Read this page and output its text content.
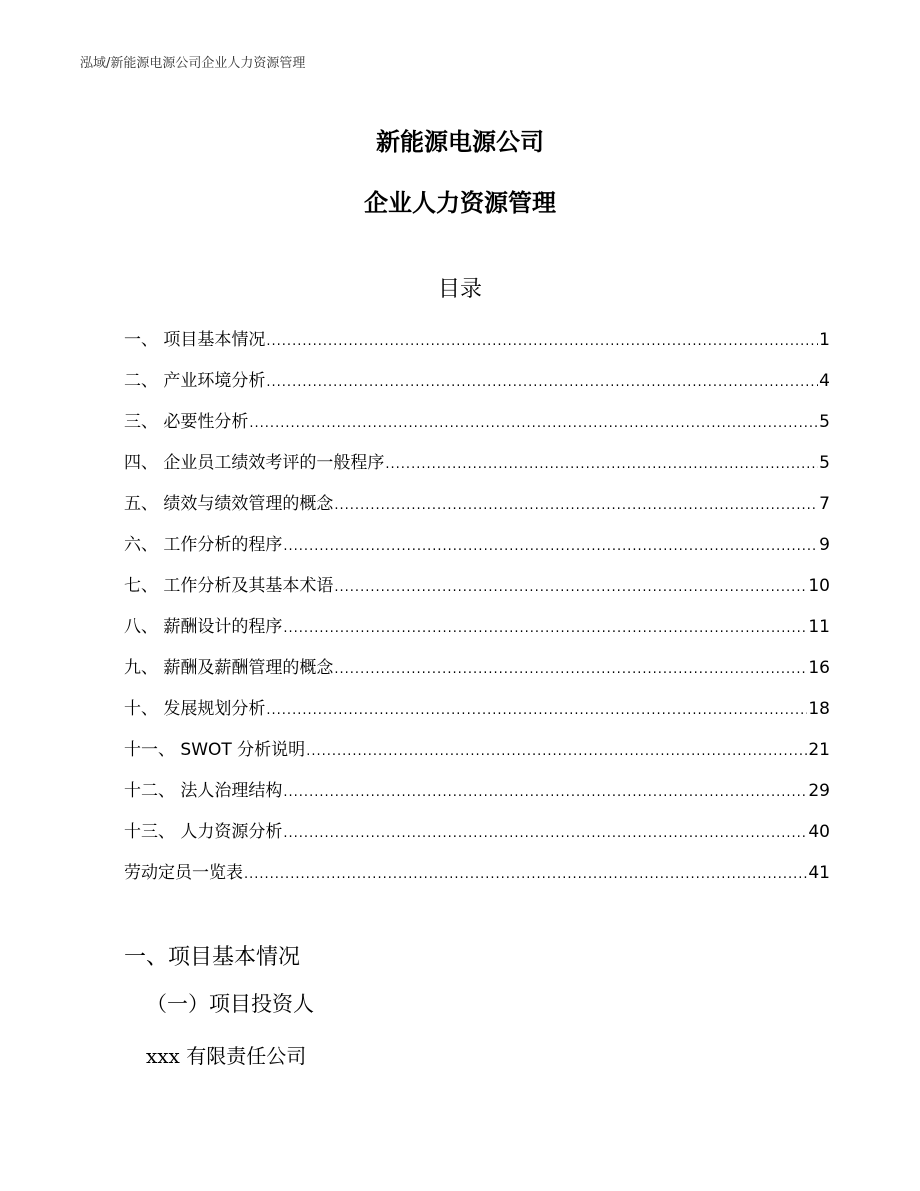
泓域/新能源电源公司企业人力资源管理
新能源电源公司
企业人力资源管理
目录
一、 项目基本情况 .....	1
二、 产业环境分析 .....	4
三、 必要性分析 .....	5
四、 企业员工绩效考评的一般程序 .....	5
五、 绩效与绩效管理的概念 .....	7
六、 工作分析的程序 .....	9
七、 工作分析及其基本术语 .....	10
八、 薪酬设计的程序 .....	11
九、 薪酬及薪酬管理的概念 .....	16
十、 发展规划分析 .....	18
十一、 SWOT 分析说明 .....	21
十二、 法人治理结构 .....	29
十三、 人力资源分析 .....	40
劳动定员一览表 .....	41
一、项目基本情况
（一）项目投资人
xxx 有限责任公司
